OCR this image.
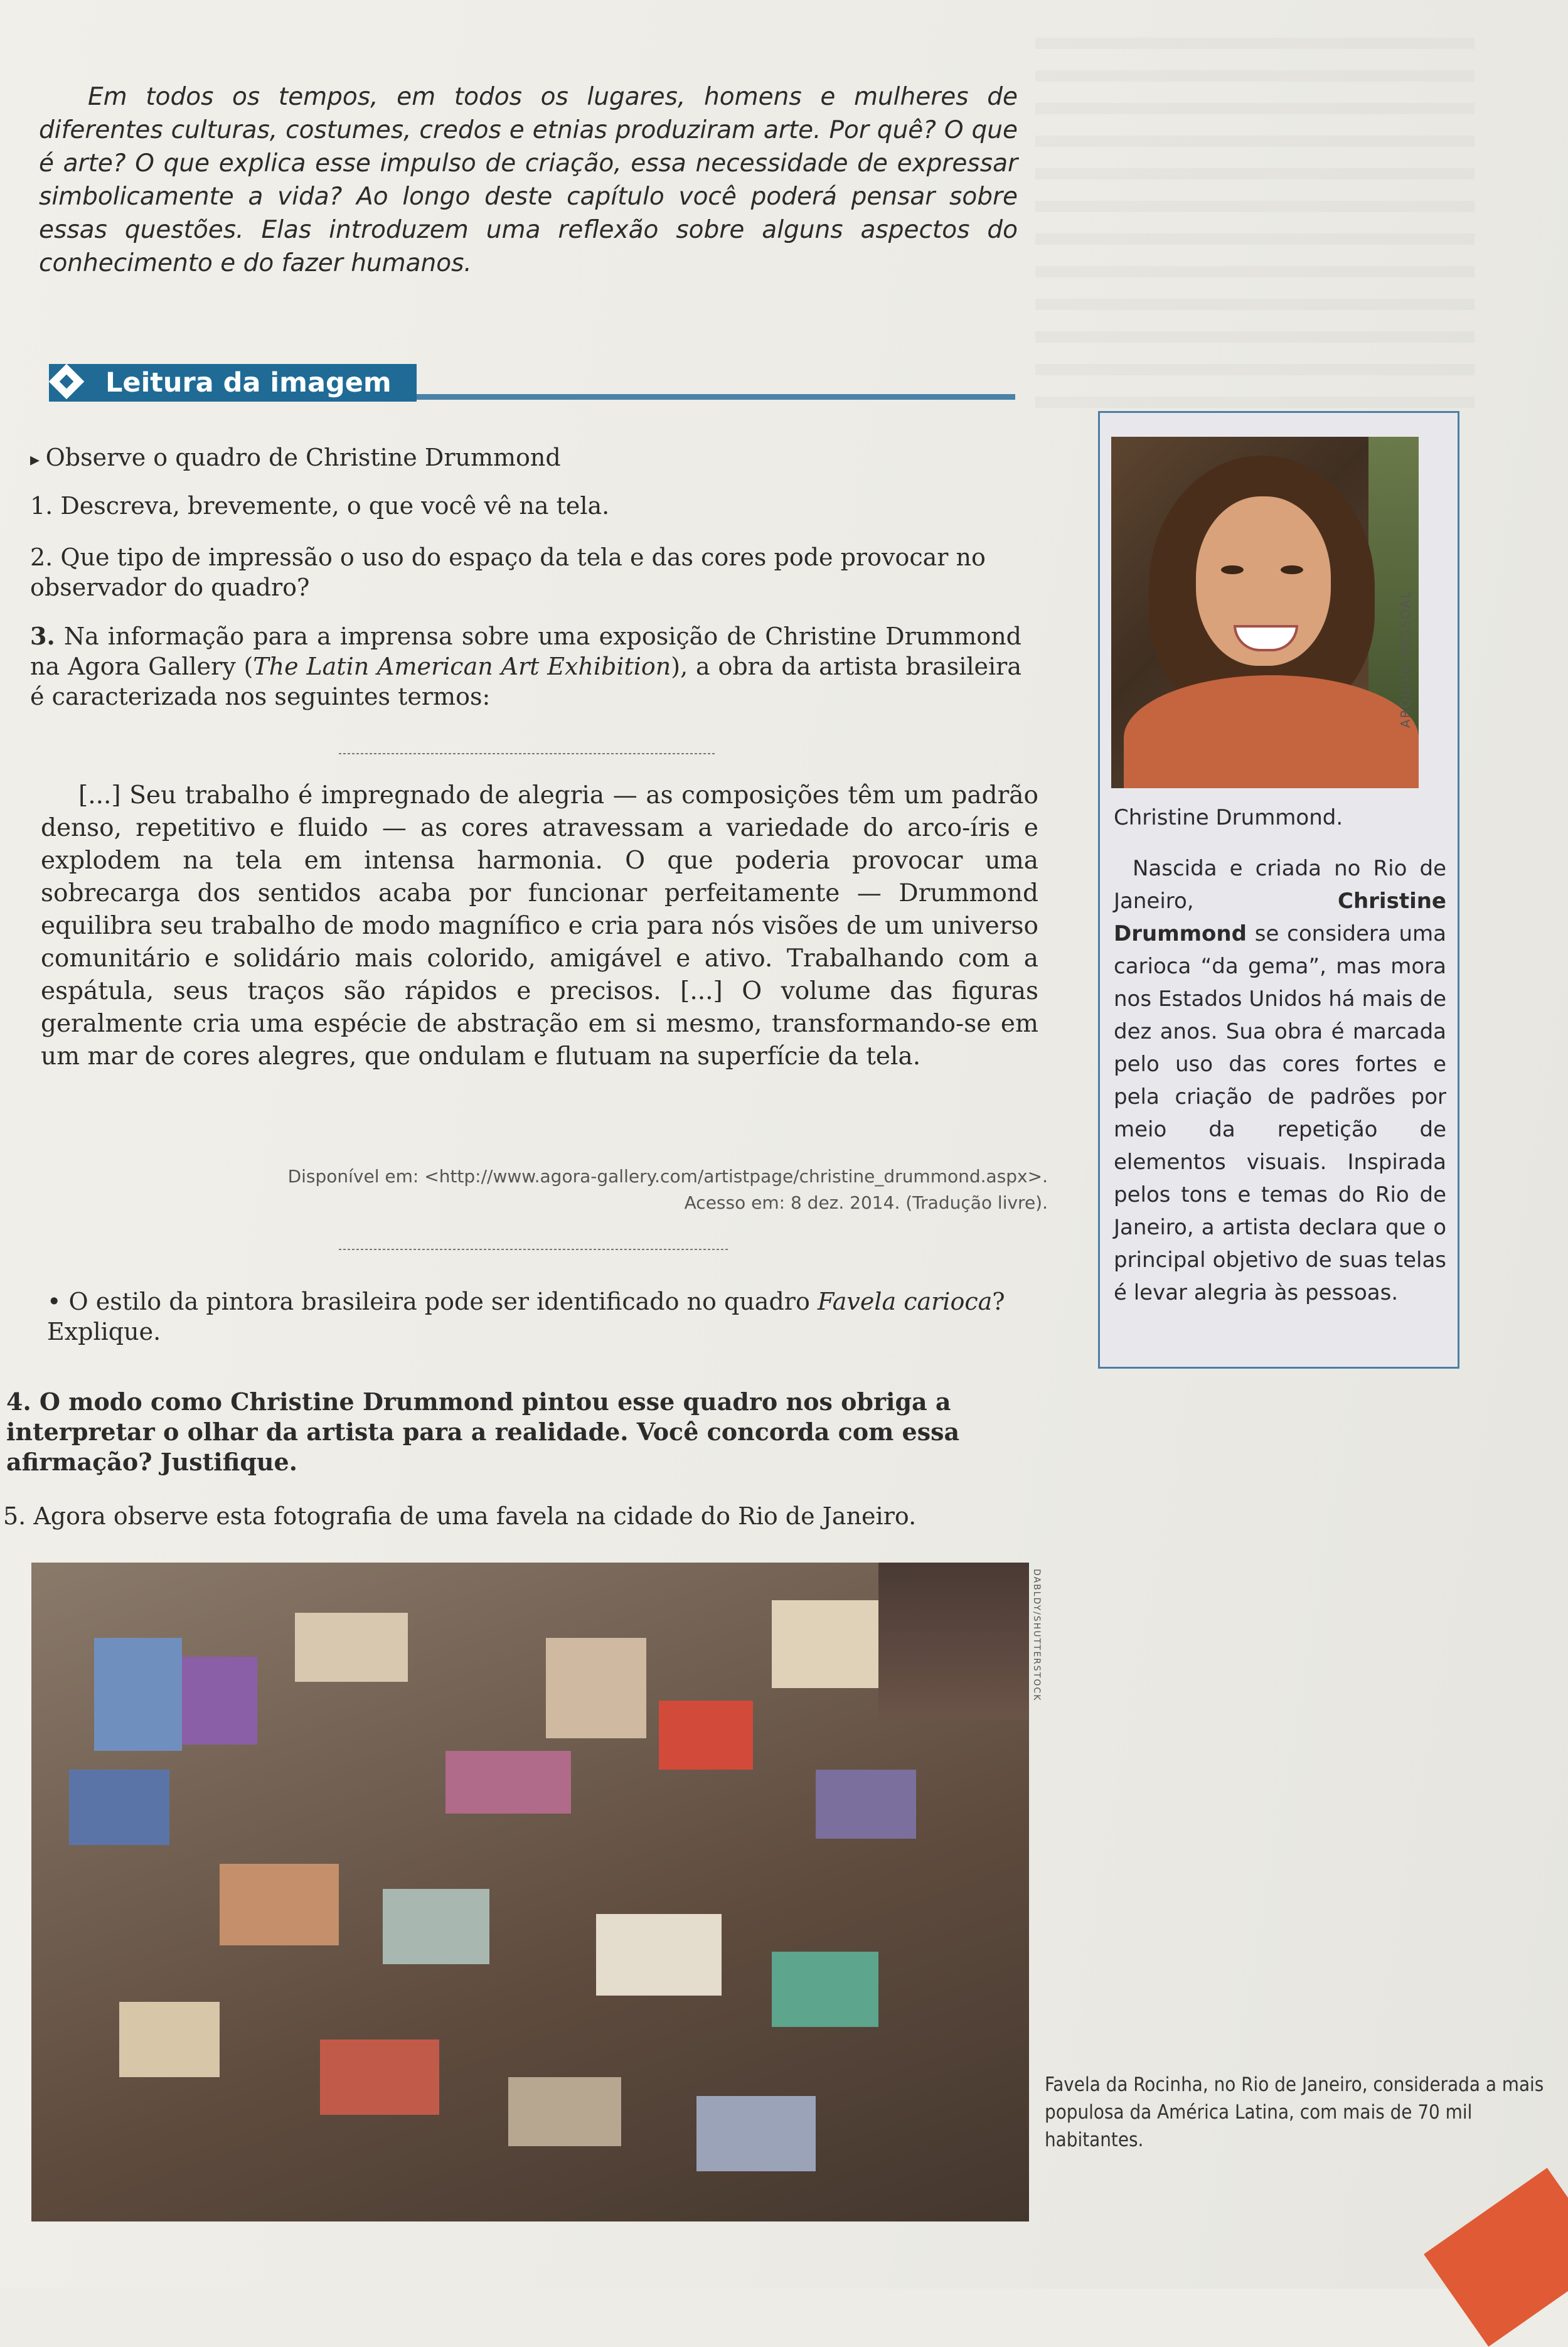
Em todos os tempos, em todos os lugares, homens e mulheres de diferentes culturas, costumes, credos e etnias produziram arte. Por quê? O que é arte? O que explica esse impulso de criação, essa necessidade de expressar simbolicamente a vida? Ao longo deste capítulo você poderá pensar sobre essas questões. Elas introduzem uma reflexão sobre alguns aspectos do conhecimento e do fazer humanos.

Leitura da imagem
▸ Observe o quadro de Christine Drummond
1. Descreva, brevemente, o que você vê na tela.
2. Que tipo de impressão o uso do espaço da tela e das cores pode provocar no observador do quadro?
3. Na informação para a imprensa sobre uma exposição de Christine Drummond na Agora Gallery (The Latin American Art Exhibition), a obra da artista brasileira é caracterizada nos seguintes termos:

[...] Seu trabalho é impregnado de alegria — as composições têm um padrão denso, repetitivo e fluido — as cores atravessam a variedade do arco-íris e explodem na tela em intensa harmonia. O que poderia provocar uma sobrecarga dos sentidos acaba por funcionar perfeitamente — Drummond equilibra seu trabalho de modo magnífico e cria para nós visões de um universo comunitário e solidário mais colorido, amigável e ativo. Trabalhando com a espátula, seus traços são rápidos e precisos. [...] O volume das figuras geralmente cria uma espécie de abstração em si mesmo, transformando-se em um mar de cores alegres, que ondulam e flutuam na superfície da tela.

Disponível em: <http://www.agora-gallery.com/artistpage/christine_drummond.aspx>.
Acesso em: 8 dez. 2014. (Tradução livre).
• O estilo da pintora brasileira pode ser identificado no quadro Favela carioca? Explique.
4. O modo como Christine Drummond pintou esse quadro nos obriga a interpretar o olhar da artista para a realidade. Você concorda com essa afirmação? Justifique.
5. Agora observe esta fotografia de uma favela na cidade do Rio de Janeiro.
Christine Drummond.
Nascida e criada no Rio de Janeiro, Christine Drummond se considera uma carioca “da gema”, mas mora nos Estados Unidos há mais de dez anos. Sua obra é marcada pelo uso das cores fortes e pela criação de padrões por meio da repetição de elementos visuais. Inspirada pelos tons e temas do Rio de Janeiro, a artista declara que o principal objetivo de suas telas é levar alegria às pessoas.
ARQUIVO PESSOAL
DABLDY/SHUTTERSTOCK
Favela da Rocinha, no Rio de Janeiro, considerada a mais populosa da América Latina, com mais de 70 mil habitantes.
